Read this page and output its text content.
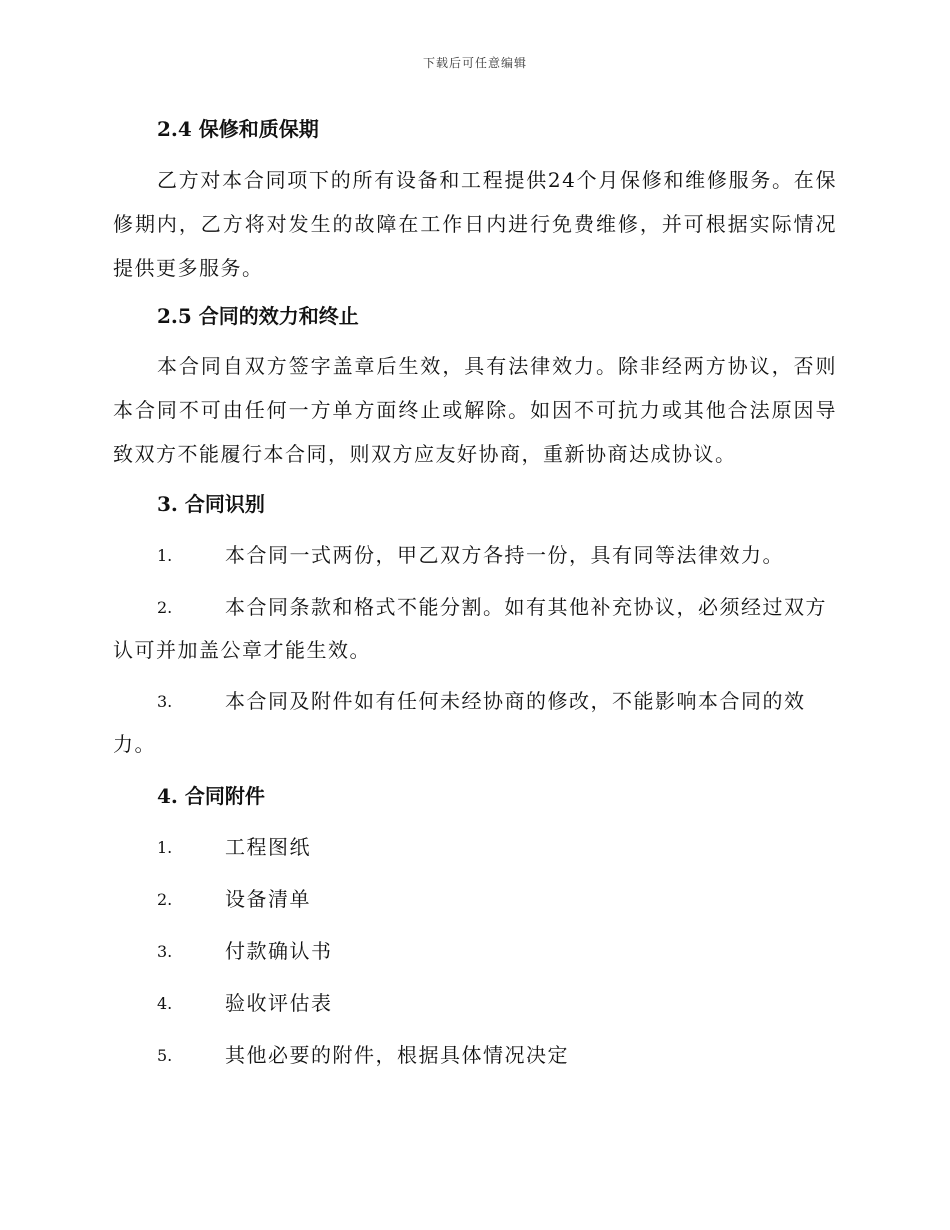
下载后可任意编辑
2.4 保修和质保期
乙方对本合同项下的所有设备和工程提供24个月保修和维修服务。在保修期内，乙方将对发生的故障在工作日内进行免费维修，并可根据实际情况提供更多服务。
2.5 合同的效力和终止
本合同自双方签字盖章后生效，具有法律效力。除非经两方协议，否则本合同不可由任何一方单方面终止或解除。如因不可抗力或其他合法原因导致双方不能履行本合同，则双方应友好协商，重新协商达成协议。
3. 合同识别
1.	本合同一式两份，甲乙双方各持一份，具有同等法律效力。
2.	本合同条款和格式不能分割。如有其他补充协议，必须经过双方
认可并加盖公章才能生效。
3.	本合同及附件如有任何未经协商的修改，不能影响本合同的效
力。
4. 合同附件
1.	工程图纸
2.	设备清单
3.	付款确认书
4.	验收评估表
5.	其他必要的附件，根据具体情况决定
